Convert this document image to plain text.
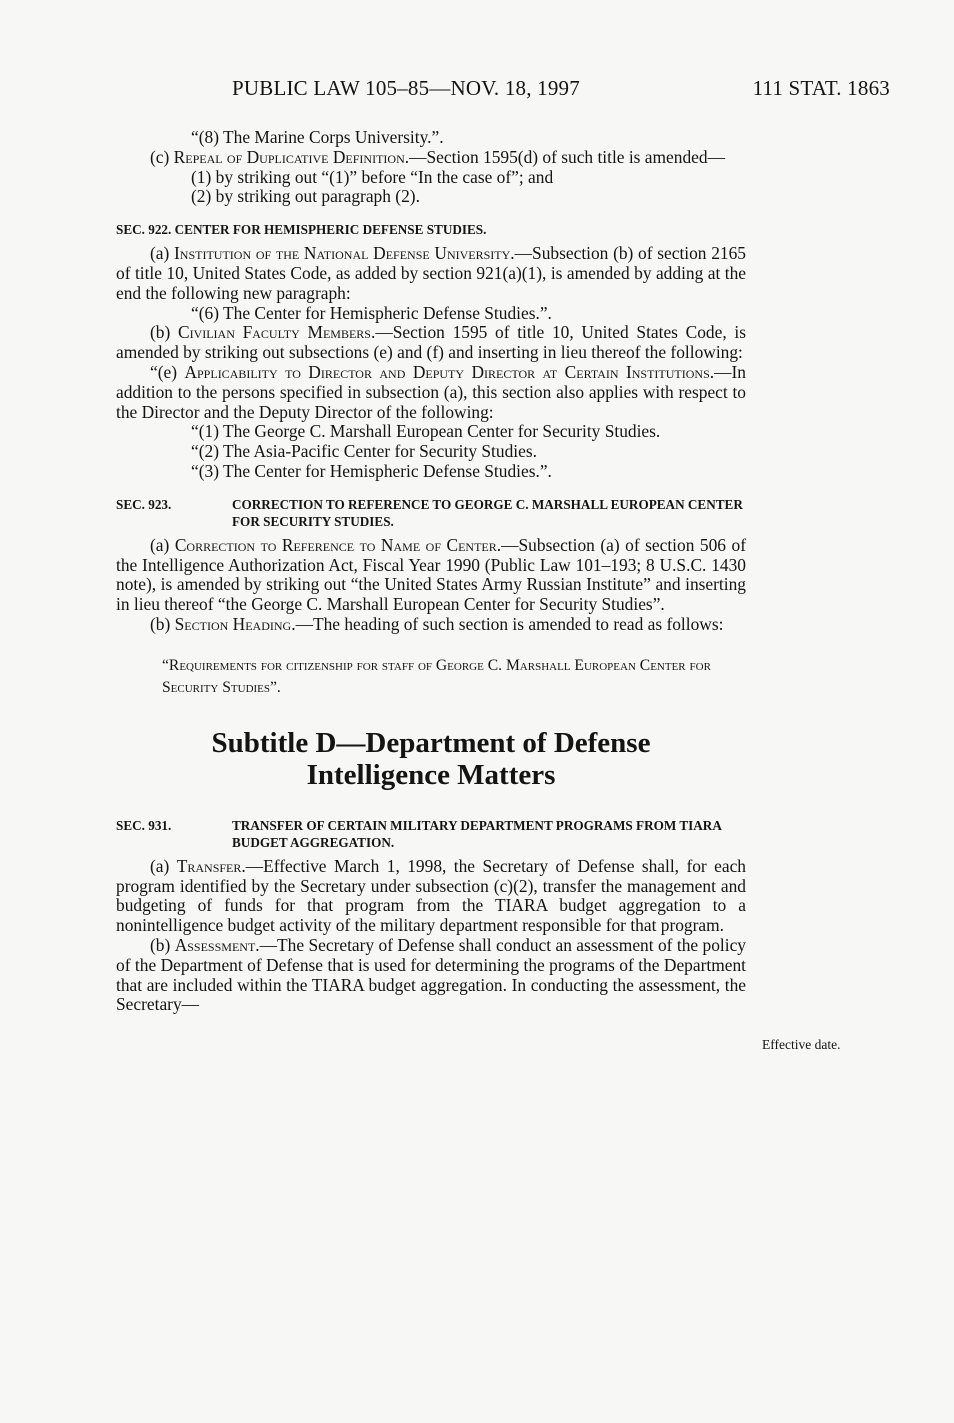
PUBLIC LAW 105–85—NOV. 18, 1997	111 STAT. 1863

“(8) The Marine Corps University.”.

(c) Repeal of Duplicative Definition.—Section 1595(d) of such title is amended—

(1) by striking out “(1)” before “In the case of”; and

(2) by striking out paragraph (2).

SEC. 922. CENTER FOR HEMISPHERIC DEFENSE STUDIES.

(a) Institution of the National Defense University.—Subsection (b) of section 2165 of title 10, United States Code, as added by section 921(a)(1), is amended by adding at the end the following new paragraph:

“(6) The Center for Hemispheric Defense Studies.”.

(b) Civilian Faculty Members.—Section 1595 of title 10, United States Code, is amended by striking out subsections (e) and (f) and inserting in lieu thereof the following:

“(e) Applicability to Director and Deputy Director at Certain Institutions.—In addition to the persons specified in subsection (a), this section also applies with respect to the Director and the Deputy Director of the following:

“(1) The George C. Marshall European Center for Security Studies.

“(2) The Asia-Pacific Center for Security Studies.

“(3) The Center for Hemispheric Defense Studies.”.

SEC. 923.	CORRECTION TO REFERENCE TO GEORGE C. MARSHALL EUROPEAN CENTER FOR SECURITY STUDIES.

(a) Correction to Reference to Name of Center.—Subsection (a) of section 506 of the Intelligence Authorization Act, Fiscal Year 1990 (Public Law 101–193; 8 U.S.C. 1430 note), is amended by striking out “the United States Army Russian Institute” and inserting in lieu thereof “the George C. Marshall European Center for Security Studies”.

(b) Section Heading.—The heading of such section is amended to read as follows:

“Requirements for citizenship for staff of George C. Marshall European Center for Security Studies”.
Subtitle D—Department of Defense
Intelligence Matters
SEC. 931.	TRANSFER OF CERTAIN MILITARY DEPARTMENT PROGRAMS FROM TIARA BUDGET AGGREGATION.

(a) Transfer.—Effective March 1, 1998, the Secretary of Defense shall, for each program identified by the Secretary under subsection (c)(2), transfer the management and budgeting of funds for that program from the TIARA budget aggregation to a nonintelligence budget activity of the military department responsible for that program.

(b) Assessment.—The Secretary of Defense shall conduct an assessment of the policy of the Department of Defense that is used for determining the programs of the Department that are included within the TIARA budget aggregation. In conducting the assessment, the Secretary—

Effective date.
